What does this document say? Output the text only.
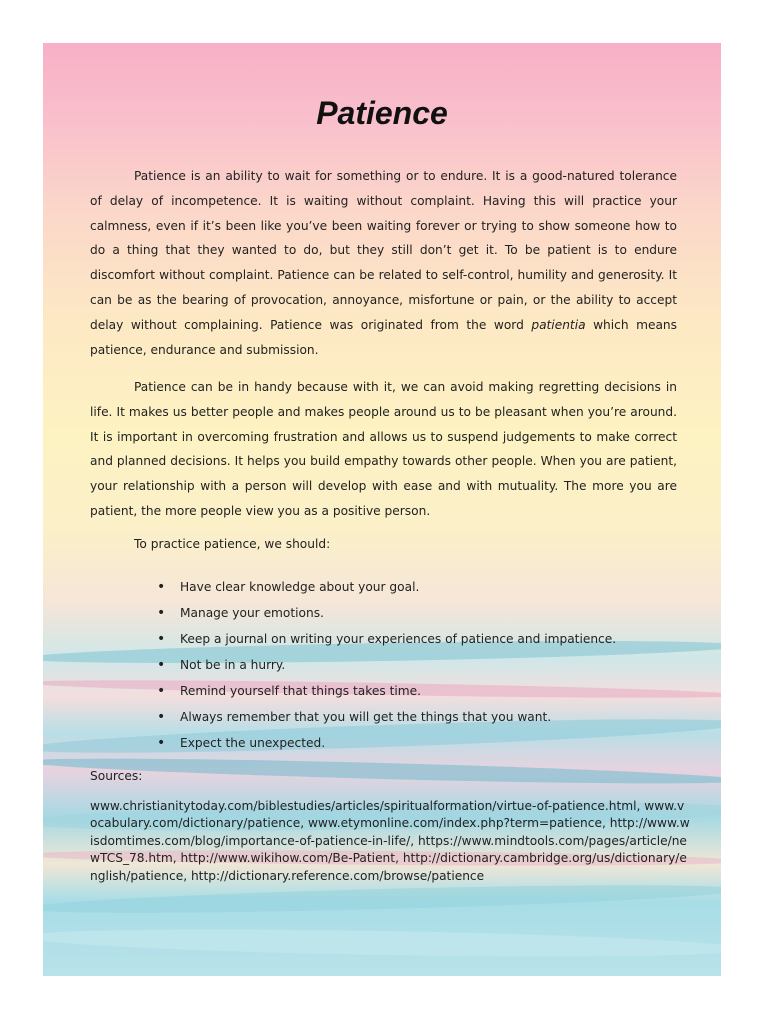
Patience

Patience is an ability to wait for something or to endure. It is a good-natured tolerance of delay of incompetence. It is waiting without complaint. Having this will practice your calmness, even if it’s been like you’ve been waiting forever or trying to show someone how to do a thing that they wanted to do, but they still don’t get it. To be patient is to endure discomfort without complaint. Patience can be related to self-control, humility and generosity. It can be as the bearing of provocation, annoyance, misfortune or pain, or the ability to accept delay without complaining. Patience was originated from the word patientia which means patience, endurance and submission.

Patience can be in handy because with it, we can avoid making regretting decisions in life. It makes us better people and makes people around us to be pleasant when you’re around. It is important in overcoming frustration and allows us to suspend judgements to make correct and planned decisions. It helps you build empathy towards other people. When you are patient, your relationship with a person will develop with ease and with mutuality. The more you are patient, the more people view you as a positive person.

To practice patience, we should:

• Have clear knowledge about your goal.
• Manage your emotions.
• Keep a journal on writing your experiences of patience and impatience.
• Not be in a hurry.
• Remind yourself that things takes time.
• Always remember that you will get the things that you want.
• Expect the unexpected.

Sources:

www.christianitytoday.com/biblestudies/articles/spiritualformation/virtue-of-patience.html, www.vocabulary.com/dictionary/patience, www.etymonline.com/index.php?term=patience, http://www.wisdomtimes.com/blog/importance-of-patience-in-life/, https://www.mindtools.com/pages/article/newTCS_78.htm, http://www.wikihow.com/Be-Patient, http://dictionary.cambridge.org/us/dictionary/english/patience, http://dictionary.reference.com/browse/patience
